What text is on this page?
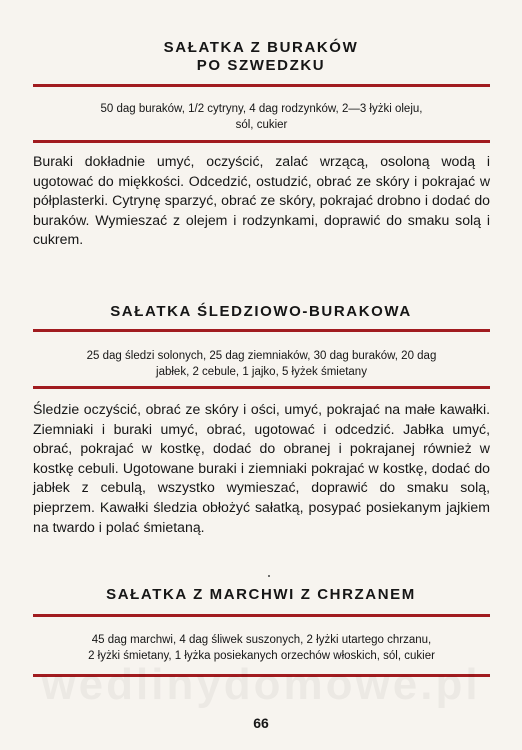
SAŁATKA Z BURAKÓW
PO SZWEDZKU
50 dag buraków, 1/2 cytryny, 4 dag rodzynków, 2—3 łyżki oleju,
sól, cukier

Buraki dokładnie umyć, oczyścić, zalać wrzącą, osoloną wodą i ugotować do miękkości. Odcedzić, ostudzić, obrać ze skóry i pokrajać w półplasterki. Cytrynę sparzyć, obrać ze skóry, pokrajać drobno i dodać do buraków. Wymieszać z olejem i rodzynkami, doprawić do smaku solą i cukrem.

SAŁATKA ŚLEDZIOWO-BURAKOWA
25 dag śledzi solonych, 25 dag ziemniaków, 30 dag buraków, 20 dag
jabłek, 2 cebule, 1 jajko, 5 łyżek śmietany

Śledzie oczyścić, obrać ze skóry i ości, umyć, pokrajać na małe kawałki. Ziemniaki i buraki umyć, obrać, ugotować i odcedzić. Jabłka umyć, obrać, pokrajać w kostkę, dodać do obranej i pokrajanej również w kostkę cebuli. Ugotowane buraki i ziemniaki pokrajać w kostkę, dodać do jabłek z cebulą, wszystko wymieszać, doprawić do smaku solą, pieprzem. Kawałki śledzia obłożyć sałatką, posypać posiekanym jajkiem na twardo i polać śmietaną.

SAŁATKA Z MARCHWI Z CHRZANEM
45 dag marchwi, 4 dag śliwek suszonych, 2 łyżki utartego chrzanu,
2 łyżki śmietany, 1 łyżka posiekanych orzechów włoskich, sól, cukier
66
